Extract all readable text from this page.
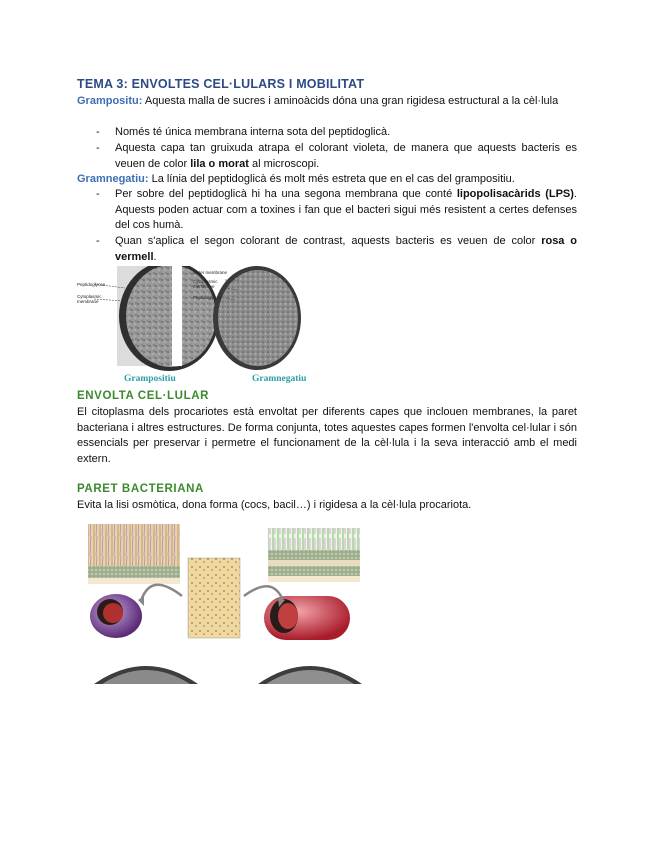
TEMA 3: ENVOLTES CEL·LULARS I MOBILITAT
Grampositu: Aquesta malla de sucres i aminoàcids dóna una gran rigidesa estructural a la cèl·lula
- Només té única membrana interna sota del peptidoglicà.
- Aquesta capa tan gruixuda atrapa el colorant violeta, de manera que aquests bacteris es veuen de color lila o morat al microscopi.
Gramnegatiu: La línia del peptidoglicà és molt més estreta que en el cas del grampositiu.
- Per sobre del peptidoglicà hi ha una segona membrana que conté lipopolisacàrids (LPS). Aquests poden actuar com a toxines i fan que el bacteri sigui més resistent a certes defenses del cos humà.
- Quan s'aplica el segon colorant de contrast, aquests bacteris es veuen de color rosa o vermell.
Peptidoglycan
Cytoplasmic membrane
Outer membrane
Cytoplasmic membrane
Peptidoglycan
Grampositiu	Gramnegatiu
ENVOLTA CEL·LULAR
El citoplasma dels procariotes està envoltat per diferents capes que inclouen membranes, la paret bacteriana i altres estructures. De forma conjunta, totes aquestes capes formen l'envolta cel·lular i són essencials per preservar i permetre el funcionament de la cèl·lula i la seva interacció amb el medi extern.
PARET BACTERIANA
Evita la lisi osmòtica, dona forma (cocs, bacil…) i rigidesa a la cèl·lula procariota.
